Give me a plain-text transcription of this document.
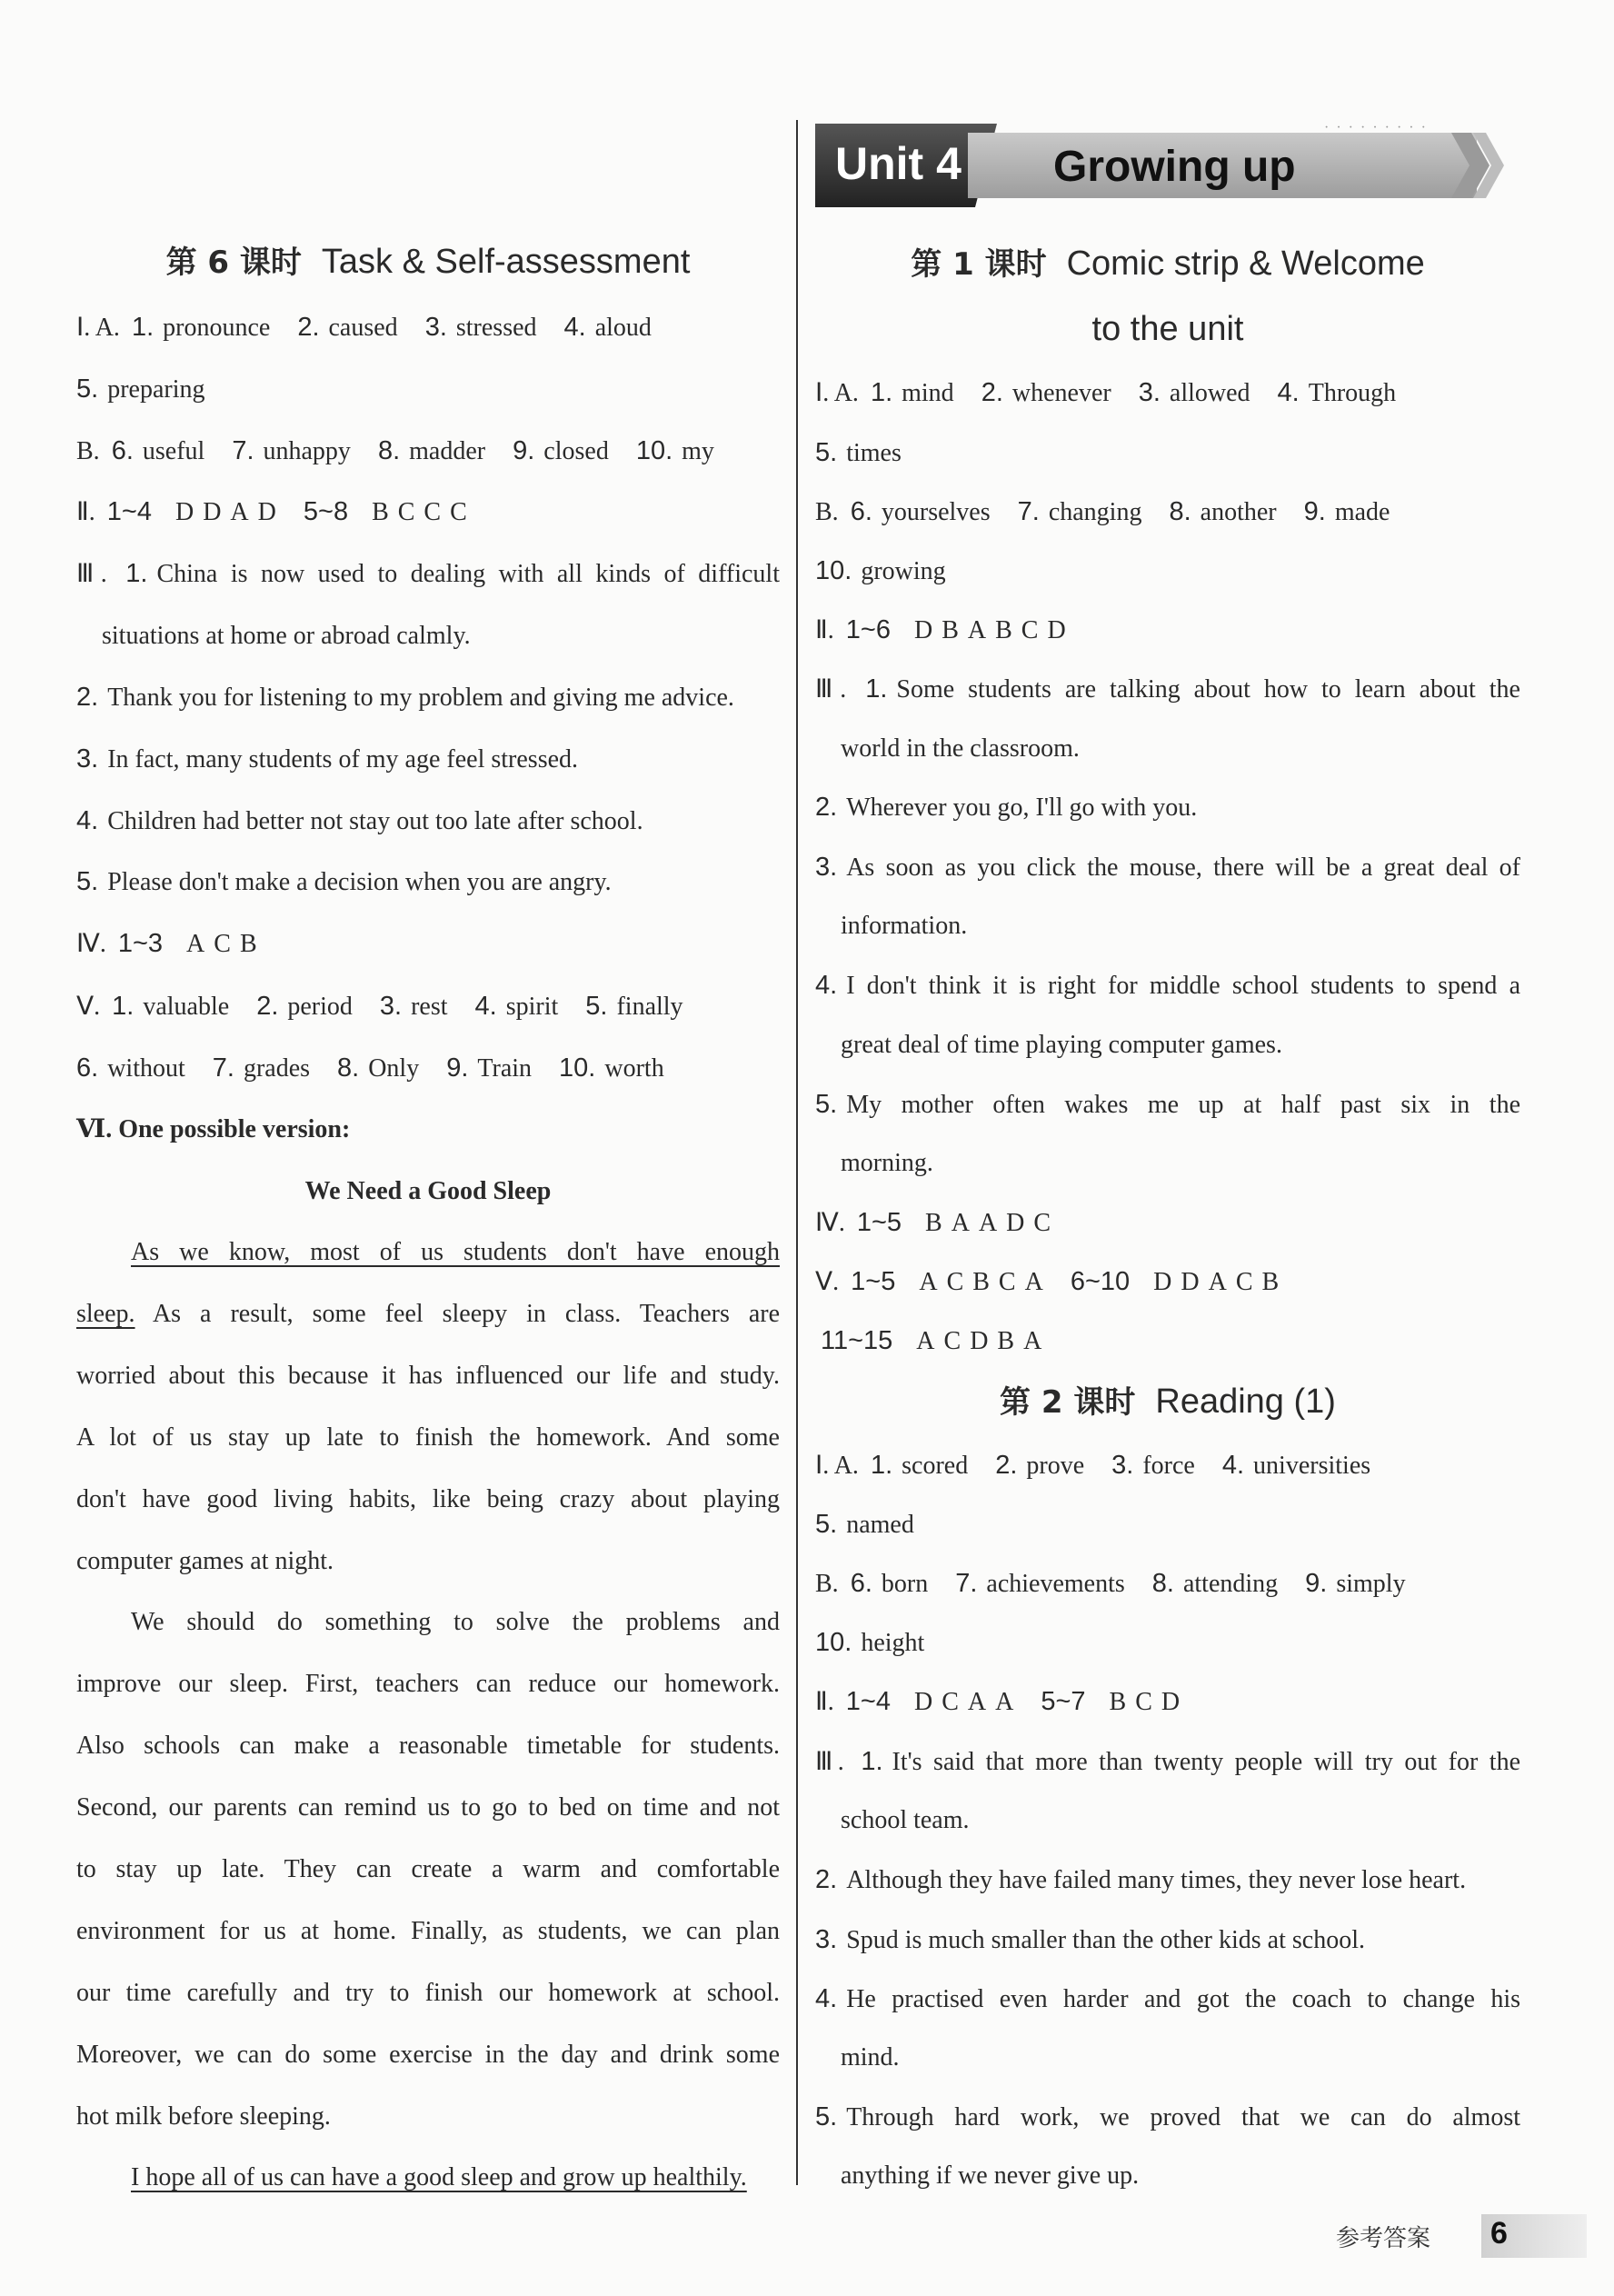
第 6 课时 Task & Self-assessment
Ⅰ. A. 1. pronounce 2. caused 3. stressed 4. aloud
5. preparing
B. 6. useful 7. unhappy 8. madder 9. closed 10. my
Ⅱ. 1~4 DDAD 5~8 BCCC
Ⅲ. 1. China is now used to dealing with all kinds of difficult
situations at home or abroad calmly.
2. Thank you for listening to my problem and giving me advice.
3. In fact, many students of my age feel stressed.
4. Children had better not stay out too late after school.
5. Please don't make a decision when you are angry.
Ⅳ. 1~3 ACB
Ⅴ. 1. valuable 2. period 3. rest 4. spirit 5. finally
6. without 7. grades 8. Only 9. Train 10. worth
Ⅵ. One possible version:
We Need a Good Sleep
As we know, most of us students don't have enough
sleep. As a result, some feel sleepy in class. Teachers are
worried about this because it has influenced our life and study.
A lot of us stay up late to finish the homework. And some
don't have good living habits, like being crazy about playing
computer games at night.
We should do something to solve the problems and
improve our sleep. First, teachers can reduce our homework.
Also schools can make a reasonable timetable for students.
Second, our parents can remind us to go to bed on time and not
to stay up late. They can create a warm and comfortable
environment for us at home. Finally, as students, we can plan
our time carefully and try to finish our homework at school.
Moreover, we can do some exercise in the day and drink some
hot milk before sleeping.
I hope all of us can have a good sleep and grow up healthily.
· · · · · · · · ·
Unit 4 Growing up
第 1 课时 Comic strip & Welcome
to the unit
Ⅰ. A. 1. mind 2. whenever 3. allowed 4. Through
5. times
B. 6. yourselves 7. changing 8. another 9. made
10. growing
Ⅱ. 1~6 DBABCD
Ⅲ. 1. Some students are talking about how to learn about the
world in the classroom.
2. Wherever you go, I'll go with you.
3. As soon as you click the mouse, there will be a great deal of
information.
4. I don't think it is right for middle school students to spend a
great deal of time playing computer games.
5. My mother often wakes me up at half past six in the
morning.
Ⅳ. 1~5 BAADC
Ⅴ. 1~5 ACBCA 6~10 DDACB
11~15 ACDBA
第 2 课时 Reading (1)
Ⅰ. A. 1. scored 2. prove 3. force 4. universities
5. named
B. 6. born 7. achievements 8. attending 9. simply
10. height
Ⅱ. 1~4 DCAA 5~7 BCD
Ⅲ. 1. It's said that more than twenty people will try out for the
school team.
2. Although they have failed many times, they never lose heart.
3. Spud is much smaller than the other kids at school.
4. He practised even harder and got the coach to change his
mind.
5. Through hard work, we proved that we can do almost
anything if we never give up.
参考答案 6
